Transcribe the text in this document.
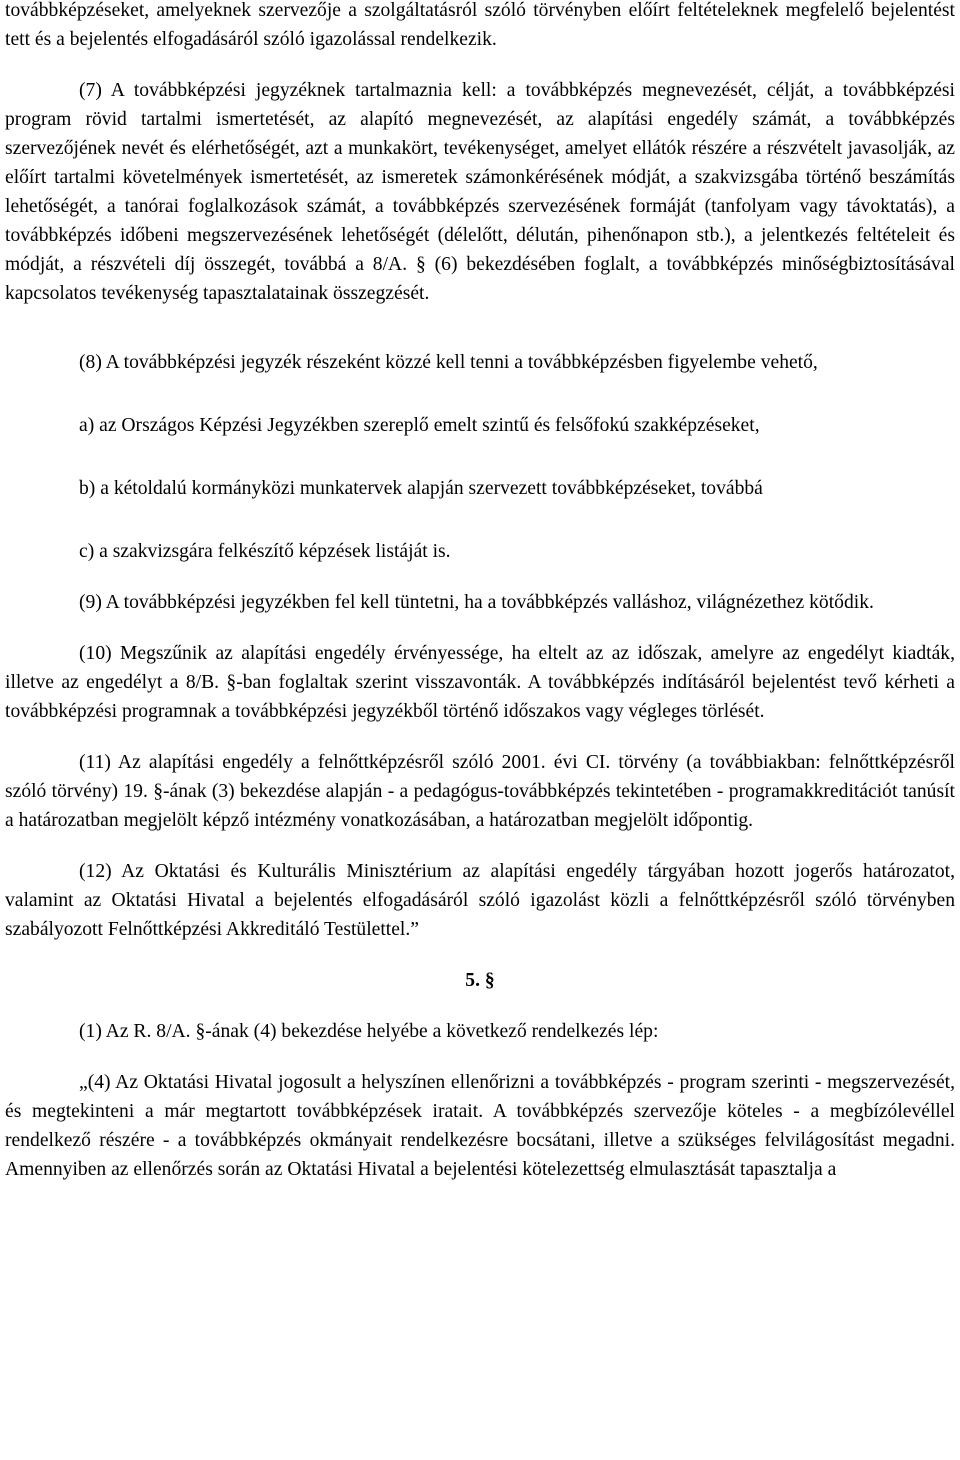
továbbképzéseket, amelyeknek szervezője a szolgáltatásról szóló törvényben előírt feltételeknek megfelelő bejelentést tett és a bejelentés elfogadásáról szóló igazolással rendelkezik.

(7) A továbbképzési jegyzéknek tartalmaznia kell: a továbbképzés megnevezését, célját, a továbbképzési program rövid tartalmi ismertetését, az alapító megnevezését, az alapítási engedély számát, a továbbképzés szervezőjének nevét és elérhetőségét, azt a munkakört, tevékenységet, amelyet ellátók részére a részvételt javasolják, az előírt tartalmi követelmények ismertetését, az ismeretek számonkérésének módját, a szakvizsgába történő beszámítás lehetőségét, a tanórai foglalkozások számát, a továbbképzés szervezésének formáját (tanfolyam vagy távoktatás), a továbbképzés időbeni megszervezésének lehetőségét (délelőtt, délután, pihenőnapon stb.), a jelentkezés feltételeit és módját, a részvételi díj összegét, továbbá a 8/A. § (6) bekezdésében foglalt, a továbbképzés minőségbiztosításával kapcsolatos tevékenység tapasztalatainak összegzését.

(8) A továbbképzési jegyzék részeként közzé kell tenni a továbbképzésben figyelembe vehető,

a) az Országos Képzési Jegyzékben szereplő emelt szintű és felsőfokú szakképzéseket,

b) a kétoldalú kormányközi munkatervek alapján szervezett továbbképzéseket, továbbá

c) a szakvizsgára felkészítő képzések listáját is.

(9) A továbbképzési jegyzékben fel kell tüntetni, ha a továbbképzés valláshoz, világnézethez kötődik.

(10) Megszűnik az alapítási engedély érvényessége, ha eltelt az az időszak, amelyre az engedélyt kiadták, illetve az engedélyt a 8/B. §-ban foglaltak szerint visszavonták. A továbbképzés indításáról bejelentést tevő kérheti a továbbképzési programnak a továbbképzési jegyzékből történő időszakos vagy végleges törlését.

(11) Az alapítási engedély a felnőttképzésről szóló 2001. évi CI. törvény (a továbbiakban: felnőttképzésről szóló törvény) 19. §-ának (3) bekezdése alapján - a pedagógus-továbbképzés tekintetében - programakkreditációt tanúsít a határozatban megjelölt képző intézmény vonatkozásában, a határozatban megjelölt időpontig.

(12) Az Oktatási és Kulturális Minisztérium az alapítási engedély tárgyában hozott jogerős határozatot, valamint az Oktatási Hivatal a bejelentés elfogadásáról szóló igazolást közli a felnőttképzésről szóló törvényben szabályozott Felnőttképzési Akkreditáló Testülettel.”

5. §

(1) Az R. 8/A. §-ának (4) bekezdése helyébe a következő rendelkezés lép:

„(4) Az Oktatási Hivatal jogosult a helyszínen ellenőrizni a továbbképzés - program szerinti - megszervezését, és megtekinteni a már megtartott továbbképzések iratait. A továbbképzés szervezője köteles - a megbízólevéllel rendelkező részére - a továbbképzés okmányait rendelkezésre bocsátani, illetve a szükséges felvilágosítást megadni. Amennyiben az ellenőrzés során az Oktatási Hivatal a bejelentési kötelezettség elmulasztását tapasztalja a
